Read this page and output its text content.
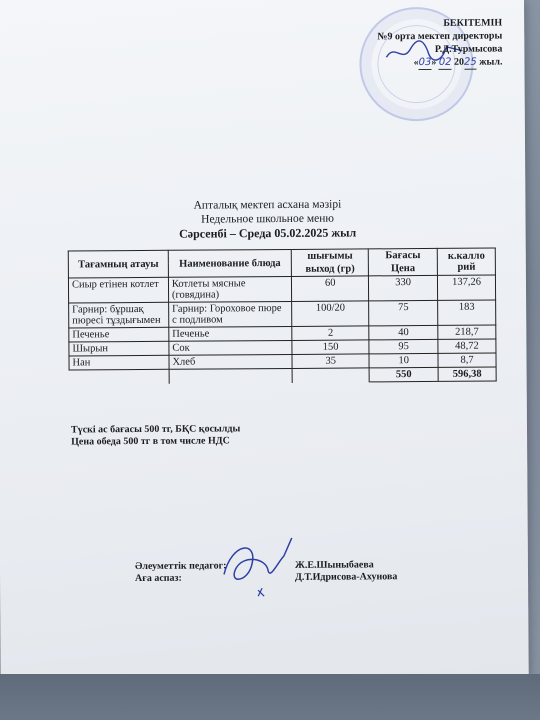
БЕКІТЕМІН
№9 орта мектеп директоры
Р.Д.Турмысова
«03» 02 2025 жыл.
Апталық мектеп асхана мәзірі
Недельное школьное меню
Сәрсенбі – Среда 05.02.2025 жыл
Тағамның атауы	Наименование блюда	шығымы	Бағасы	к.калло рий
		выход (гр)	Цена	
Сиыр етінен котлет	Котлеты мясные (говядина)	60	330	137,26
Гарнир: бұршақ пюресі тұздығымен	Гарнир: Гороховое пюре с подливом	100/20	75	183
Печенье	Печенье	2	40	218,7
Шырын	Сок	150	95	48,72
Нан	Хлеб	35	10	8,7
			550	596,38
Түскі ас бағасы 500 тг, БҚС қосылды
Цена обеда 500 тг в том числе НДС
Әлеуметтік педагог:
Аға аспаз:
Ж.Е.Шыныбаева
Д.Т.Идрисова-Ахунова
